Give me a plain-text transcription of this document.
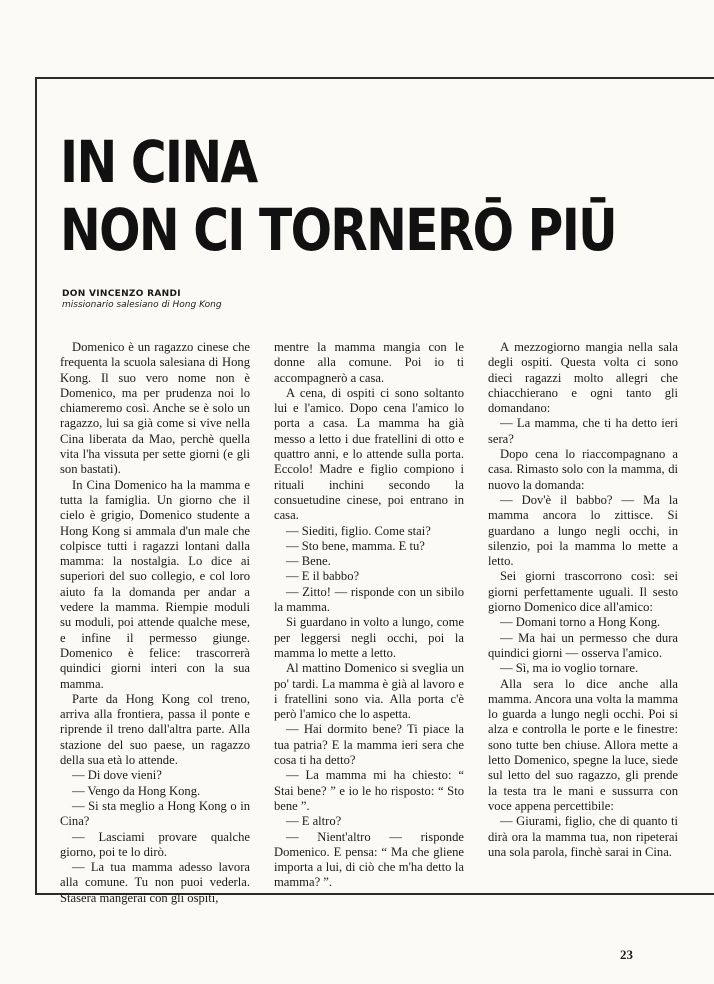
IN CINA
NON CI TORNERŌ PIŪ
DON VINCENZO RANDI
missionario salesiano di Hong Kong

Domenico è un ragazzo cinese che frequenta la scuola salesiana di Hong Kong. Il suo vero nome non è Domenico, ma per prudenza noi lo chiameremo così. Anche se è solo un ragazzo, lui sa già come si vive nella Cina liberata da Mao, perchè quella vita l'ha vissuta per sette giorni (e gli son bastati).

In Cina Domenico ha la mamma e tutta la famiglia. Un giorno che il cielo è grigio, Domenico studente a Hong Kong si ammala d'un male che colpisce tutti i ragazzi lontani dalla mamma: la nostalgia. Lo dice ai superiori del suo collegio, e col loro aiuto fa la domanda per andar a vedere la mamma. Riempie moduli su moduli, poi attende qualche mese, e infine il permesso giunge. Domenico è felice: trascorrerà quindici giorni interi con la sua mamma.

Parte da Hong Kong col treno, arriva alla frontiera, passa il ponte e riprende il treno dall'altra parte. Alla stazione del suo paese, un ragazzo della sua età lo attende.

— Di dove vieni?

— Vengo da Hong Kong.

— Si sta meglio a Hong Kong o in Cina?

— Lasciami provare qualche giorno, poi te lo dirò.

— La tua mamma adesso lavora alla comune. Tu non puoi vederla. Stasera mangerai con gli ospiti,

mentre la mamma mangia con le donne alla comune. Poi io ti accompagnerò a casa.

A cena, di ospiti ci sono soltanto lui e l'amico. Dopo cena l'amico lo porta a casa. La mamma ha già messo a letto i due fratellini di otto e quattro anni, e lo attende sulla porta. Eccolo! Madre e figlio compiono i rituali inchini secondo la consuetudine cinese, poi entrano in casa.

— Siediti, figlio. Come stai?

— Sto bene, mamma. E tu?

— Bene.

— E il babbo?

— Zitto! — risponde con un sibilo la mamma.

Si guardano in volto a lungo, come per leggersi negli occhi, poi la mamma lo mette a letto.

Al mattino Domenico si sveglia un po' tardi. La mamma è già al lavoro e i fratellini sono via. Alla porta c'è però l'amico che lo aspetta.

— Hai dormito bene? Ti piace la tua patria? E la mamma ieri sera che cosa ti ha detto?

— La mamma mi ha chiesto: “ Stai bene? ” e io le ho risposto: “ Sto bene ”.

— E altro?

— Nient'altro — risponde Domenico. E pensa: “ Ma che gliene importa a lui, di ciò che m'ha detto la mamma? ”.

A mezzogiorno mangia nella sala degli ospiti. Questa volta ci sono dieci ragazzi molto allegri che chiacchierano e ogni tanto gli domandano:

— La mamma, che ti ha detto ieri sera?

Dopo cena lo riaccompagnano a casa. Rimasto solo con la mamma, di nuovo la domanda:

— Dov'è il babbo? — Ma la mamma ancora lo zittisce. Si guardano a lungo negli occhi, in silenzio, poi la mamma lo mette a letto.

Sei giorni trascorrono così: sei giorni perfettamente uguali. Il sesto giorno Domenico dice all'amico:

— Domani torno a Hong Kong.

— Ma hai un permesso che dura quindici giorni — osserva l'amico.

— Sì, ma io voglio tornare.

Alla sera lo dice anche alla mamma. Ancora una volta la mamma lo guarda a lungo negli occhi. Poi si alza e controlla le porte e le finestre: sono tutte ben chiuse. Allora mette a letto Domenico, spegne la luce, siede sul letto del suo ragazzo, gli prende la testa tra le mani e sussurra con voce appena percettibile:

— Giurami, figlio, che di quanto ti dirà ora la mamma tua, non ripeterai una sola parola, finchè sarai in Cina.

23
